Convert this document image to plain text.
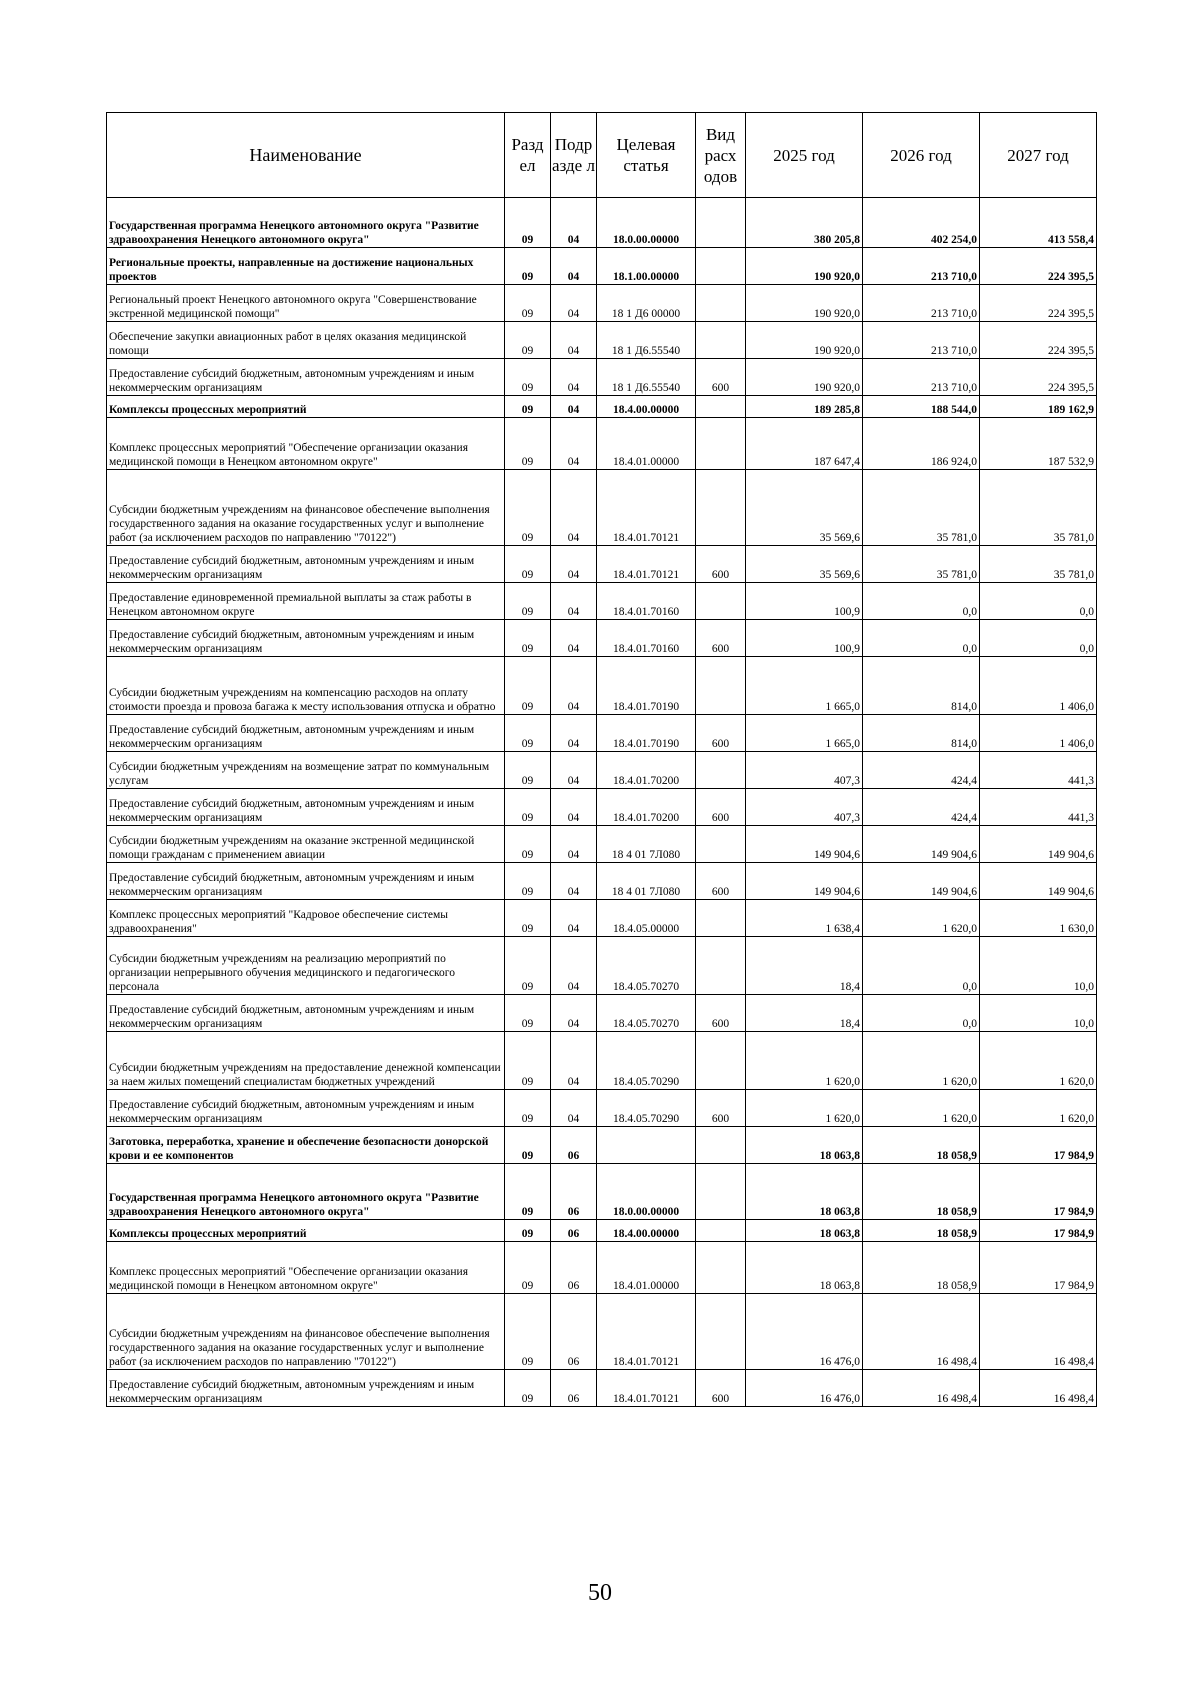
Наименование	Разд ел	Подр азде л	Целевая статья	Вид расх одов	2025 год	2026 год	2027 год
Государственная программа Ненецкого автономного округа "Развитие здравоохранения Ненецкого автономного округа"	09	04	18.0.00.00000		380 205,8	402 254,0	413 558,4
Региональные проекты, направленные на достижение национальных проектов	09	04	18.1.00.00000		190 920,0	213 710,0	224 395,5
Региональный проект Ненецкого автономного округа "Совершенствование экстренной медицинской помощи"	09	04	18 1 Д6 00000		190 920,0	213 710,0	224 395,5
Обеспечение закупки авиационных работ в целях оказания медицинской помощи	09	04	18 1 Д6.55540		190 920,0	213 710,0	224 395,5
Предоставление субсидий бюджетным, автономным учреждениям и иным некоммерческим организациям	09	04	18 1 Д6.55540	600	190 920,0	213 710,0	224 395,5
Комплексы процессных мероприятий	09	04	18.4.00.00000		189 285,8	188 544,0	189 162,9
Комплекс процессных мероприятий "Обеспечение организации оказания медицинской помощи в Ненецком автономном округе"	09	04	18.4.01.00000		187 647,4	186 924,0	187 532,9
Субсидии бюджетным учреждениям на финансовое обеспечение выполнения государственного задания на оказание государственных услуг и выполнение работ (за исключением расходов по направлению "70122")	09	04	18.4.01.70121		35 569,6	35 781,0	35 781,0
Предоставление субсидий бюджетным, автономным учреждениям и иным некоммерческим организациям	09	04	18.4.01.70121	600	35 569,6	35 781,0	35 781,0
Предоставление единовременной премиальной выплаты за стаж работы в Ненецком автономном округе	09	04	18.4.01.70160		100,9	0,0	0,0
Предоставление субсидий бюджетным, автономным учреждениям и иным некоммерческим организациям	09	04	18.4.01.70160	600	100,9	0,0	0,0
Субсидии бюджетным учреждениям на компенсацию расходов на оплату стоимости проезда и провоза багажа к месту использования отпуска и обратно	09	04	18.4.01.70190		1 665,0	814,0	1 406,0
Предоставление субсидий бюджетным, автономным учреждениям и иным некоммерческим организациям	09	04	18.4.01.70190	600	1 665,0	814,0	1 406,0
Субсидии бюджетным учреждениям на возмещение затрат по коммунальным услугам	09	04	18.4.01.70200		407,3	424,4	441,3
Предоставление субсидий бюджетным, автономным учреждениям и иным некоммерческим организациям	09	04	18.4.01.70200	600	407,3	424,4	441,3
Субсидии бюджетным учреждениям на оказание экстренной медицинской помощи гражданам с применением авиации	09	04	18 4 01 7Л080		149 904,6	149 904,6	149 904,6
Предоставление субсидий бюджетным, автономным учреждениям и иным некоммерческим организациям	09	04	18 4 01 7Л080	600	149 904,6	149 904,6	149 904,6
Комплекс процессных мероприятий "Кадровое обеспечение системы здравоохранения"	09	04	18.4.05.00000		1 638,4	1 620,0	1 630,0
Субсидии бюджетным учреждениям на реализацию мероприятий по организации непрерывного обучения медицинского и педагогического персонала	09	04	18.4.05.70270		18,4	0,0	10,0
Предоставление субсидий бюджетным, автономным учреждениям и иным некоммерческим организациям	09	04	18.4.05.70270	600	18,4	0,0	10,0
Субсидии бюджетным учреждениям на предоставление денежной компенсации за наем жилых помещений специалистам бюджетных учреждений	09	04	18.4.05.70290		1 620,0	1 620,0	1 620,0
Предоставление субсидий бюджетным, автономным учреждениям и иным некоммерческим организациям	09	04	18.4.05.70290	600	1 620,0	1 620,0	1 620,0
Заготовка, переработка, хранение и обеспечение безопасности донорской крови и ее компонентов	09	06			18 063,8	18 058,9	17 984,9
Государственная программа Ненецкого автономного округа "Развитие здравоохранения Ненецкого автономного округа"	09	06	18.0.00.00000		18 063,8	18 058,9	17 984,9
Комплексы процессных мероприятий	09	06	18.4.00.00000		18 063,8	18 058,9	17 984,9
Комплекс процессных мероприятий "Обеспечение организации оказания медицинской помощи в Ненецком автономном округе"	09	06	18.4.01.00000		18 063,8	18 058,9	17 984,9
Субсидии бюджетным учреждениям на финансовое обеспечение выполнения государственного задания на оказание государственных услуг и выполнение работ (за исключением расходов по направлению "70122")	09	06	18.4.01.70121		16 476,0	16 498,4	16 498,4
Предоставление субсидий бюджетным, автономным учреждениям и иным некоммерческим организациям	09	06	18.4.01.70121	600	16 476,0	16 498,4	16 498,4
50
